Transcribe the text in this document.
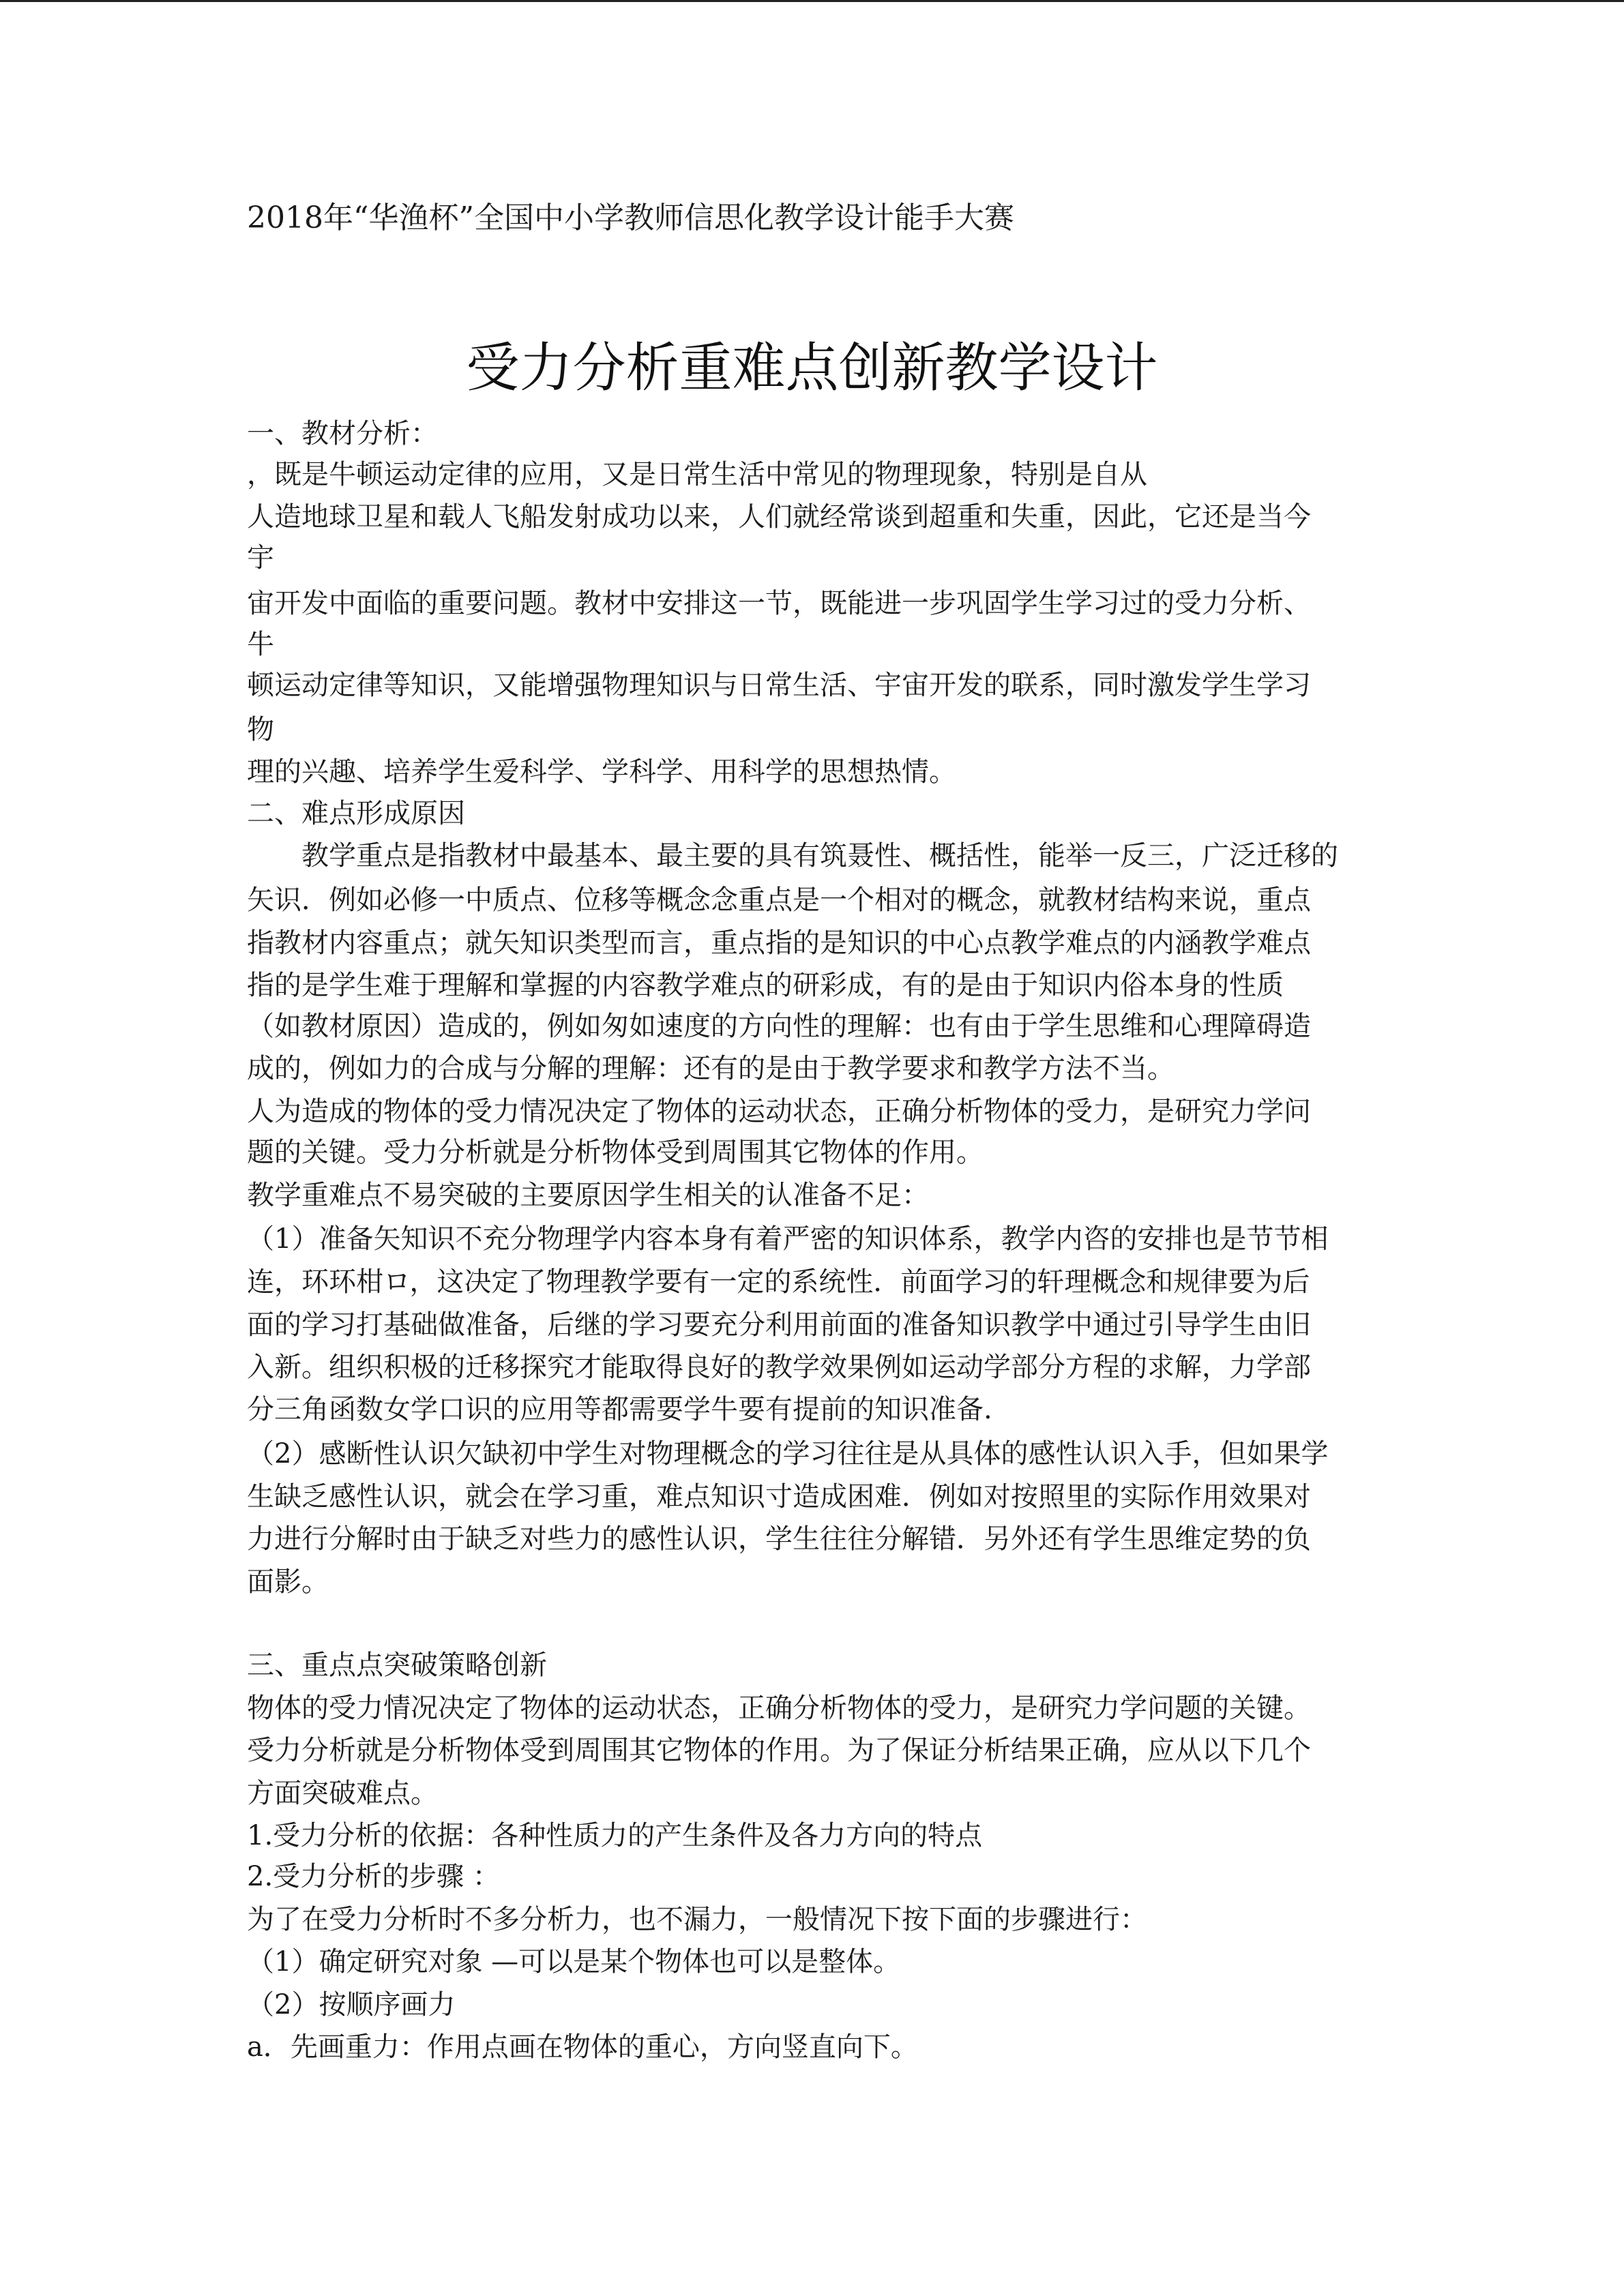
2018年“华渔杯”全国中小学教师信思化教学设计能手大赛
受力分析重难点创新教学设计
一、教材分析：
，既是牛顿运动定律的应用，又是日常生活中常见的物理现象，特别是自从
人造地球卫星和载人飞船发射成功以来，人们就经常谈到超重和失重，因此，它还是当今
宇
宙开发中面临的重要问题。教材中安排这一节，既能进一步巩固学生学习过的受力分析、
牛
顿运动定律等知识，又能增强物理知识与日常生活、宇宙开发的联系，同时激发学生学习
物
理的兴趣、培养学生爱科学、学科学、用科学的思想热情。
二、难点形成原因
　　教学重点是指教材中最基本、最主要的具有筑聂性、概括性，能举一反三，广泛迁移的
矢识．例如必修一中质点、位移等概念念重点是一个相对的概念，就教材结构来说，重点
指教材内容重点；就矢知识类型而言，重点指的是知识的中心点教学难点的内涵教学难点
指的是学生难于理解和掌握的内容教学难点的研彩成，有的是由于知识内俗本身的性质
（如教材原因）造成的，例如匆如速度的方向性的理解：也有由于学生思维和心理障碍造
成的，例如力的合成与分解的理解：还有的是由于教学要求和教学方法不当。
人为造成的物体的受力情况决定了物体的运动状态，正确分析物体的受力，是研究力学问
题的关键。受力分析就是分析物体受到周围其它物体的作用。
教学重难点不易突破的主要原因学生相关的认准备不足：
（1）准备矢知识不充分物理学内容本身有着严密的知识体系，教学内咨的安排也是节节相
连，环环柑ロ，这决定了物理教学要有一定的系统性．前面学习的轩理概念和规律要为后
面的学习打基础做准备，后继的学习要充分利用前面的准备知识教学中通过引导学生由旧
入新。组织积极的迁移探究才能取得良好的教学效果例如运动学部分方程的求解，力学部
分三角函数女学口识的应用等都需要学牛要有提前的知识准备.
（2）感断性认识欠缺初中学生对物理概念的学习往往是从具体的感性认识入手，但如果学
生缺乏感性认识，就会在学习重，难点知识寸造成困难．例如对按照里的实际作用效果对
力进行分解时由于缺乏对些力的感性认识，学生往往分解错．另外还有学生思维定势的负
面影。
三、重点点突破策略创新
物体的受力情况决定了物体的运动状态，正确分析物体的受力，是研究力学问题的关键。
受力分析就是分析物体受到周围其它物体的作用。为了保证分析结果正确，应从以下几个
方面突破难点。
1.受力分析的依据：各种性质力的产生条件及各力方向的特点
2.受力分析的步骤 ：
为了在受力分析时不多分析力，也不漏力，一般情况下按下面的步骤进行：
（1）确定研究对象 —可以是某个物体也可以是整体。
（2）按顺序画力
a．先画重力：作用点画在物体的重心，方向竖直向下。
